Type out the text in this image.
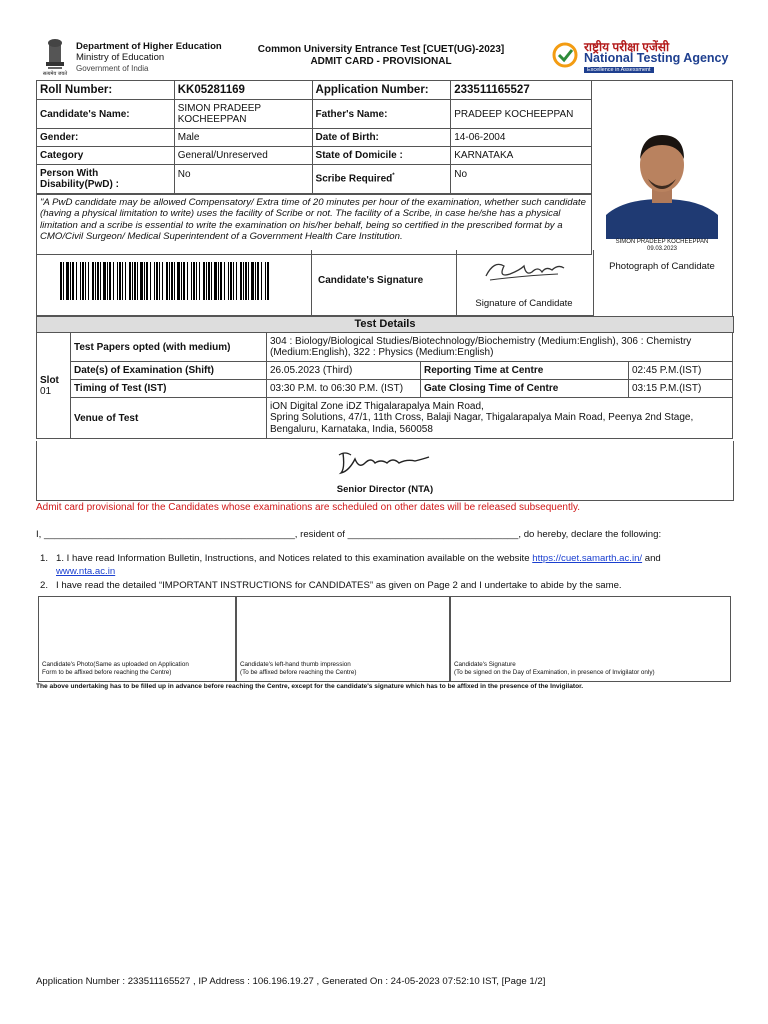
सत्यमेव जयते
Department of Higher Education
Ministry of Education
Government of India
Common University Entrance Test [CUET(UG)-2023]
ADMIT CARD - PROVISIONAL
राष्ट्रीय परीक्षा एजेंसी
National Testing Agency
Excellence in Assessment
Roll Number:	KK05281169	Application Number:	233511165527
Candidate's Name:	SIMON PRADEEP
KOCHEEPPAN	Father's Name:	PRADEEP KOCHEEPPAN
Gender:	Male	Date of Birth:	14-06-2004
Category	General/Unreserved	State of Domicile :	KARNATAKA

Person With
Disability(PwD) :	No	Scribe Required*	No
SIMON PRADEEP KOCHEEPPAN
09.03.2023
Photograph of Candidate
"A PwD candidate may be allowed Compensatory/ Extra time of 20 minutes per hour of the examination, whether such candidate (having a physical limitation to write) uses the facility of Scribe or not. The facility of a Scribe, in case he/she has a physical limitation and a scribe is essential to write the examination on his/her behalf, being so certified in the prescribed format by a CMO/Civil Surgeon/ Medical Superintendent of a Government Health Care Institution.
Candidate's Signature
Signature of Candidate
Test Details
Slot
01	Test Papers opted (with medium)	304 : Biology/Biological Studies/Biotechnology/Biochemistry (Medium:English), 306 : Chemistry (Medium:English), 322 : Physics (Medium:English)		
	Date(s) of Examination (Shift)	26.05.2023 (Third)	Reporting Time at Centre	02:45 P.M.(IST)
	Timing of Test (IST)	03:30 P.M. to 06:30 P.M. (IST)	Gate Closing Time of Centre	03:15 P.M.(IST)
	Venue of Test	iON Digital Zone iDZ Thigalarapalya Main Road,
Spring Solutions, 47/1, 11th Cross, Balaji Nagar, Thigalarapalya Main Road, Peenya 2nd Stage,
Bengaluru, Karnataka, India, 560058		
Senior Director (NTA)
Admit card provisional for the Candidates whose examinations are scheduled on other dates will be released subsequently.
I, _______________________________________________, resident of ________________________________, do hereby, declare the following:
1. 1. I have read Information Bulletin, Instructions, and Notices related to this examination available on the website https://cuet.samarth.ac.in/ and
www.nta.ac.in
2. I have read the detailed “IMPORTANT INSTRUCTIONS for CANDIDATES” as given on Page 2 and I undertake to abide by the same.
Candidate's Photo(Same as uploaded on Application
Form to be affixed before reaching the Centre)
Candidate's left-hand thumb impression
(To be affixed before reaching the Centre)
Candidate's Signature
(To be signed on the Day of Examination, in presence of Invigilator only)
The above undertaking has to be filled up in advance before reaching the Centre, except for the candidate's signature which has to be affixed in the presence of the Invigilator.
Application Number : 233511165527 , IP Address : 106.196.19.27 , Generated On : 24-05-2023 07:52:10 IST, [Page 1/2]
